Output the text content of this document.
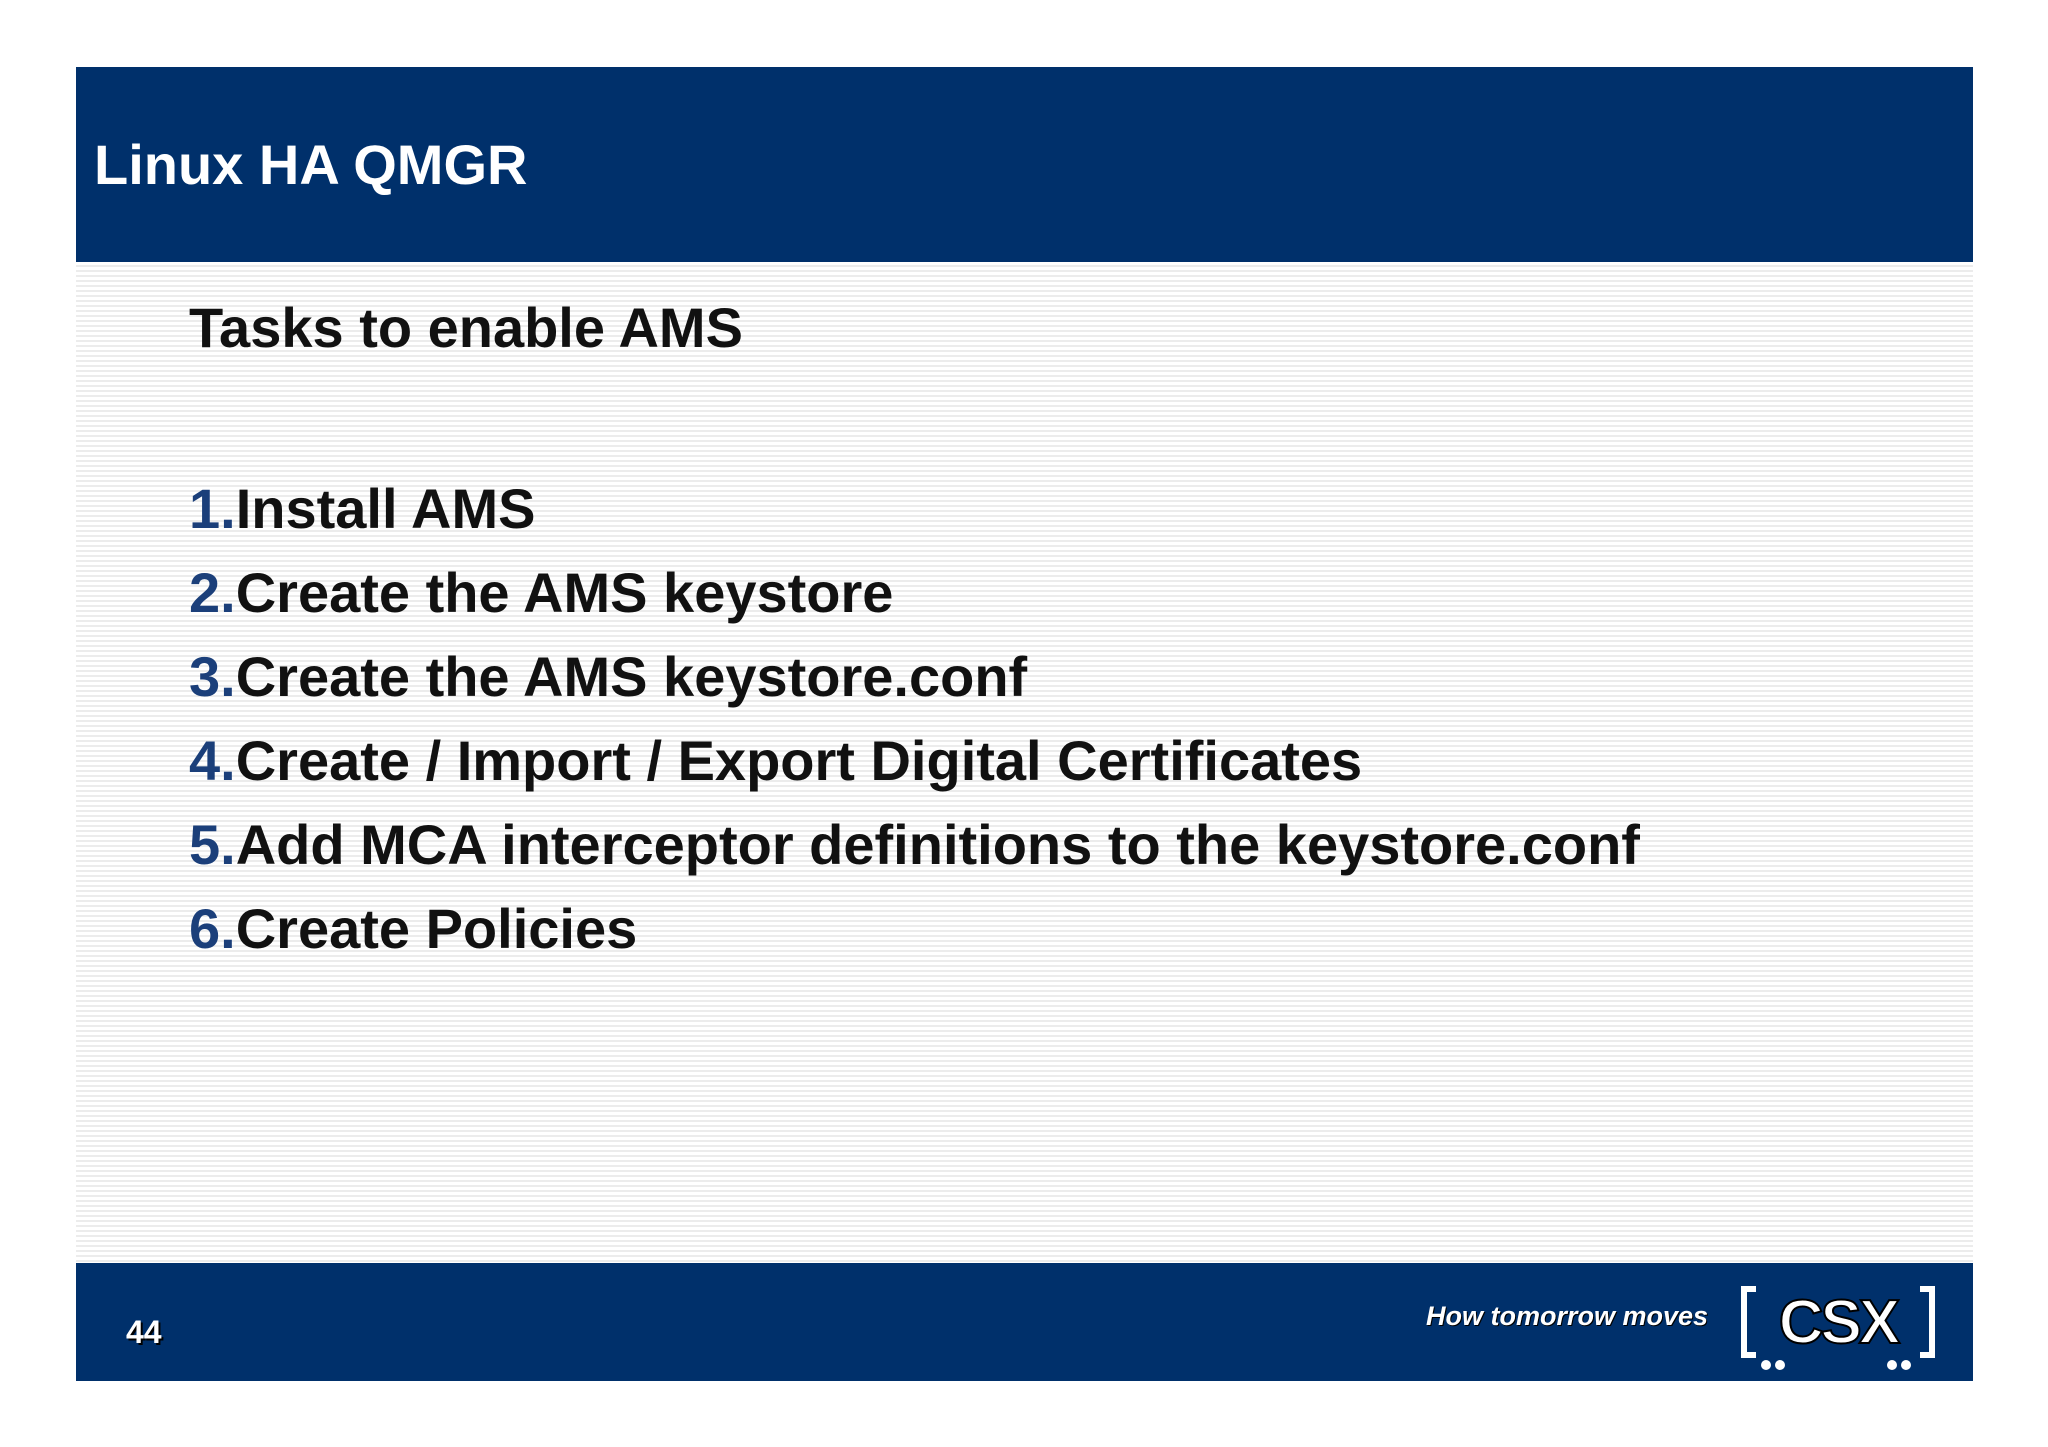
Linux HA QMGR
Tasks to enable AMS
1.Install AMS
2.Create the AMS keystore
3.Create the AMS keystore.conf
4.Create / Import / Export Digital Certificates
5.Add MCA interceptor definitions to the keystore.conf
6.Create Policies
44	How tomorrow moves CSX
